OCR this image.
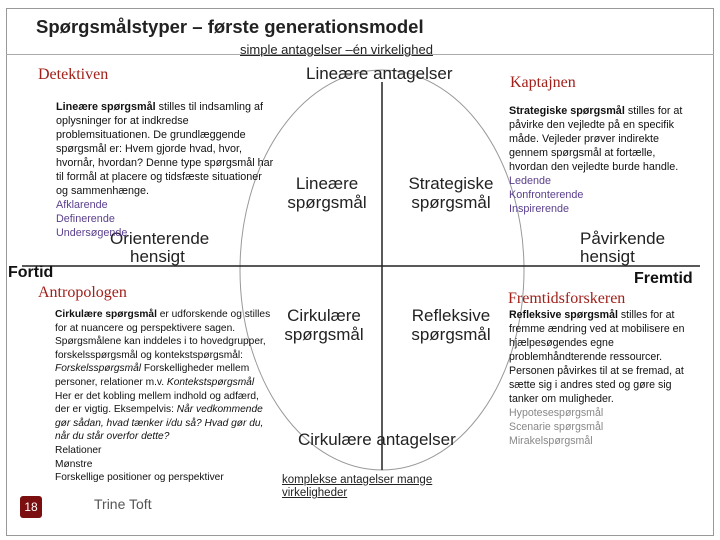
Spørgsmålstyper – første generationsmodel
simple antagelser –én virkelighed
Lineære antagelser
Cirkulære antagelser
Orienterende
hensigt
Påvirkende
hensigt
Lineære
spørgsmål
Strategiske
spørgsmål
Cirkulære
spørgsmål
Refleksive
spørgsmål
Fortid	Fremtid
Detektiven	Kaptajnen
Antropologen	Fremtidsforskeren
Lineære spørgsmål stilles til indsamling af oplysninger for at indkredse problemsituationen. De grundlæggende spørgsmål er: Hvem gjorde hvad, hvor, hvornår, hvordan? Denne type spørgsmål har til formål at placere og tidsfæste situationer og sammenhænge.
Afklarende
Definerende
Undersøgende
Strategiske spørgsmål stilles for at påvirke den vejledte på en specifik måde. Vejleder prøver indirekte gennem spørgsmål at fortælle, hvordan den vejledte burde handle.
Ledende
Konfronterende
Inspirerende
Cirkulære spørgsmål er udforskende og stilles for at nuancere og perspektivere sagen. Spørgsmålene kan inddeles i to hovedgrupper, forskelsspørgsmål og kontekstspørgsmål: Forskelsspørgsmål Forskelligheder mellem personer, relationer m.v. Kontekstspørgsmål Her er det kobling mellem indhold og adfærd, der er vigtig. Eksempelvis: Når vedkommende gør sådan, hvad tænker i/du så? Hvad gør du, når du står overfor dette?
Relationer
Mønstre
Forskellige positioner og perspektiver
Refleksive spørgsmål stilles for at fremme ændring ved at mobilisere en hjælpesøgendes egne problemhåndterende ressourcer. Personen påvirkes til at se fremad, at sætte sig i andres sted og gøre sig tanker om muligheder.
Hypotesespørgsmål
Scenarie spørgsmål
Mirakelspørgsmål
komplekse antagelser mange virkeligheder
18	Trine Toft
